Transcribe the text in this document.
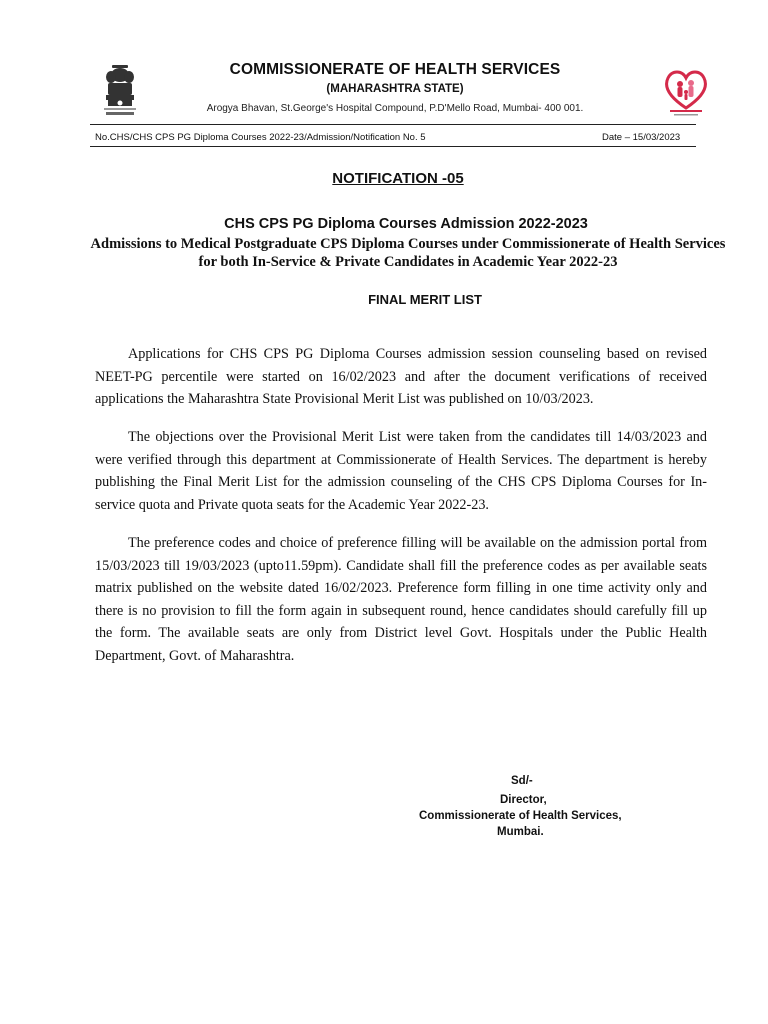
COMMISSIONERATE OF HEALTH SERVICES
(MAHARASHTRA STATE)
Arogya Bhavan, St.George's Hospital Compound, P.D'Mello Road, Mumbai- 400 001.
No.CHS/CHS CPS PG Diploma Courses 2022-23/Admission/Notification No. 5	Date – 15/03/2023
NOTIFICATION -05
CHS CPS PG Diploma Courses Admission 2022-2023
Admissions to Medical Postgraduate CPS Diploma Courses under Commissionerate of Health Services for both In-Service & Private Candidates in Academic Year 2022-23
FINAL MERIT LIST

Applications for CHS CPS PG Diploma Courses admission session counseling based on revised NEET-PG percentile were started on 16/02/2023 and after the document verifications of received applications the Maharashtra State Provisional Merit List was published on 10/03/2023.

The objections over the Provisional Merit List were taken from the candidates till 14/03/2023 and were verified through this department at Commissionerate of Health Services. The department is hereby publishing the Final Merit List for the admission counseling of the CHS CPS Diploma Courses for In-service quota and Private quota seats for the Academic Year 2022-23.

The preference codes and choice of preference filling will be available on the admission portal from 15/03/2023 till 19/03/2023 (upto11.59pm). Candidate shall fill the preference codes as per available seats matrix published on the website dated 16/02/2023. Preference form filling in one time activity only and there is no provision to fill the form again in subsequent round, hence candidates should carefully fill up the form. The available seats are only from District level Govt. Hospitals under the Public Health Department, Govt. of Maharashtra.

Sd/-
Director,
Commissionerate of Health Services,
Mumbai.
